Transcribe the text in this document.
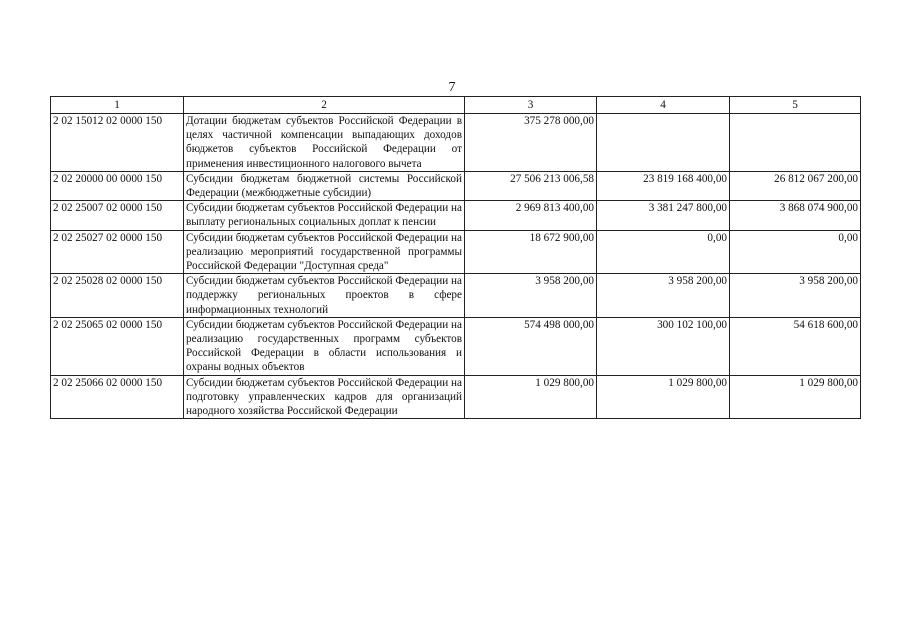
7
1	2	3	4	5
2 02 15012 02 0000 150	Дотации бюджетам субъектов Российской Федерации в целях частичной компенсации выпадающих доходов бюджетов субъектов Российской Федерации от применения инвестиционного налогового вычета	375 278 000,00		
2 02 20000 00 0000 150	Субсидии бюджетам бюджетной системы Российской Федерации (межбюджетные субсидии)	27 506 213 006,58	23 819 168 400,00	26 812 067 200,00
2 02 25007 02 0000 150	Субсидии бюджетам субъектов Российской Федерации на выплату региональных социальных доплат к пенсии	2 969 813 400,00	3 381 247 800,00	3 868 074 900,00
2 02 25027 02 0000 150	Субсидии бюджетам субъектов Российской Федерации на реализацию мероприятий государственной программы Российской Федерации "Доступная среда"	18 672 900,00	0,00	0,00
2 02 25028 02 0000 150	Субсидии бюджетам субъектов Российской Федерации на поддержку региональных проектов в сфере информационных технологий	3 958 200,00	3 958 200,00	3 958 200,00
2 02 25065 02 0000 150	Субсидии бюджетам субъектов Российской Федерации на реализацию государственных программ субъектов Российской Федерации в области использования и охраны водных объектов	574 498 000,00	300 102 100,00	54 618 600,00
2 02 25066 02 0000 150	Субсидии бюджетам субъектов Российской Федерации на подготовку управленческих кадров для организаций народного хозяйства Российской Федерации	1 029 800,00	1 029 800,00	1 029 800,00
